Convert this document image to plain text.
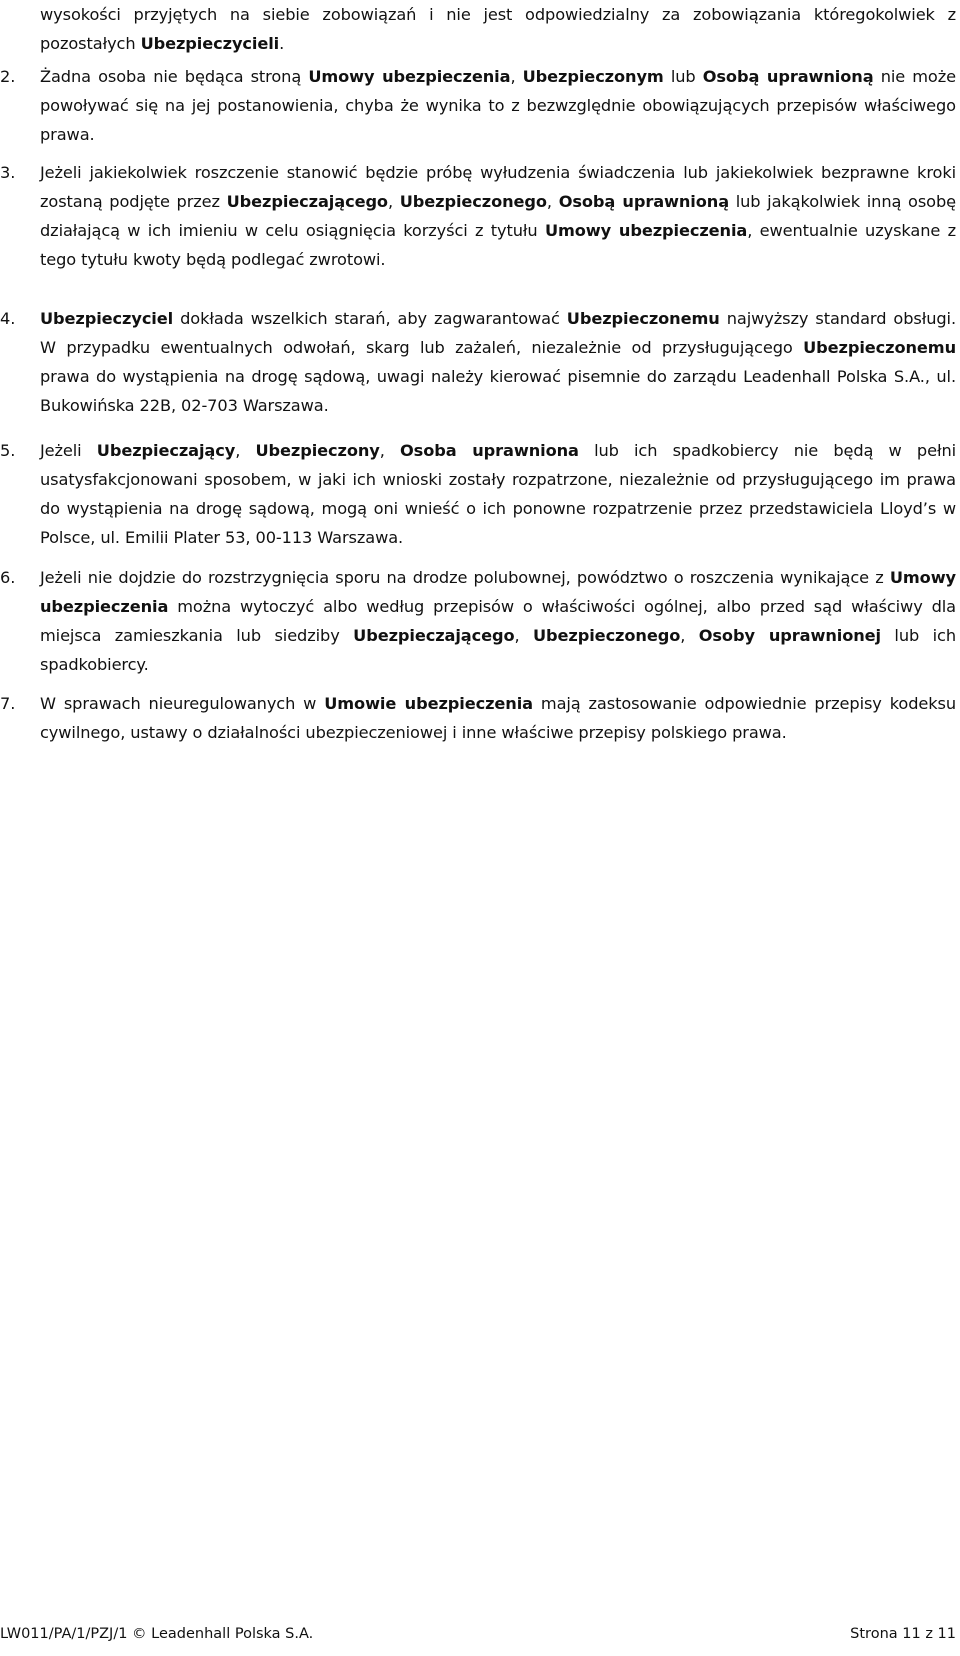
wysokości przyjętych na siebie zobowiązań i nie jest odpowiedzialny za zobowiązania któregokolwiek z pozostałych Ubezpieczycieli.
2.	Żadna osoba nie będąca stroną Umowy ubezpieczenia, Ubezpieczonym lub Osobą uprawnioną nie może powoływać się na jej postanowienia, chyba że wynika to z bezwzględnie obowiązujących przepisów właściwego prawa.
3.	Jeżeli jakiekolwiek roszczenie stanowić będzie próbę wyłudzenia świadczenia lub jakiekolwiek bezprawne kroki zostaną podjęte przez Ubezpieczającego, Ubezpieczonego, Osobą uprawnioną lub jakąkolwiek inną osobę działającą w ich imieniu w celu osiągnięcia korzyści z tytułu Umowy ubezpieczenia, ewentualnie uzyskane z tego tytułu kwoty będą podlegać zwrotowi.
4.	Ubezpieczyciel dokłada wszelkich starań, aby zagwarantować Ubezpieczonemu najwyższy standard obsługi. W przypadku ewentualnych odwołań, skarg lub zażaleń, niezależnie od przysługującego Ubezpieczonemu prawa do wystąpienia na drogę sądową, uwagi należy kierować pisemnie do zarządu Leadenhall Polska S.A., ul. Bukowińska 22B, 02-703 Warszawa.
5.	Jeżeli Ubezpieczający, Ubezpieczony, Osoba uprawniona lub ich spadkobiercy nie będą w pełni usatysfakcjonowani sposobem, w jaki ich wnioski zostały rozpatrzone, niezależnie od przysługującego im prawa do wystąpienia na drogę sądową, mogą oni wnieść o ich ponowne rozpatrzenie przez przedstawiciela Lloyd’s w Polsce, ul. Emilii Plater 53, 00-113 Warszawa.
6.	Jeżeli nie dojdzie do rozstrzygnięcia sporu na drodze polubownej, powództwo o roszczenia wynikające z Umowy ubezpieczenia można wytoczyć albo według przepisów o właściwości ogólnej, albo przed sąd właściwy dla miejsca zamieszkania lub siedziby Ubezpieczającego, Ubezpieczonego, Osoby uprawnionej lub ich spadkobiercy.
7.	W sprawach nieuregulowanych w Umowie ubezpieczenia mają zastosowanie odpowiednie przepisy kodeksu cywilnego, ustawy o działalności ubezpieczeniowej i inne właściwe przepisy polskiego prawa.
LW011/PA/1/PZJ/1 © Leadenhall Polska S.A.	Strona 11 z 11
